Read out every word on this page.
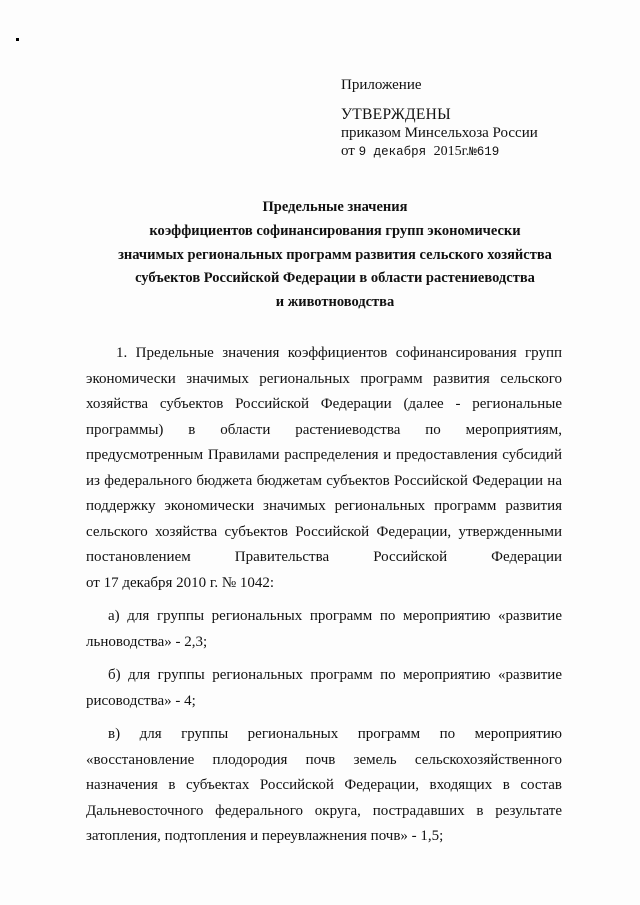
Приложение
УТВЕРЖДЕНЫ
приказом Минсельхоза России
от 9 декабря 2015г.№619
Предельные значения
коэффициентов софинансирования групп экономически
значимых региональных программ развития сельского хозяйства
субъектов Российской Федерации в области растениеводства
и животноводства

1. Предельные значения коэффициентов софинансирования групп экономически значимых региональных программ развития сельского хозяйства субъектов Российской Федерации (далее - региональные программы) в области растениеводства по мероприятиям, предусмотренным Правилами распределения и предоставления субсидий из федерального бюджета бюджетам субъектов Российской Федерации на поддержку экономически значимых региональных программ развития сельского хозяйства субъектов Российской Федерации, утвержденными постановлением Правительства Российской Федерации

от 17 декабря 2010 г. № 1042:

а) для группы региональных программ по мероприятию «развитие льноводства» - 2,3;

б) для группы региональных программ по мероприятию «развитие рисоводства» - 4;

в) для группы региональных программ по мероприятию «восстановление плодородия почв земель сельскохозяйственного назначения в субъектах Российской Федерации, входящих в состав Дальневосточного федерального округа, пострадавших в результате затопления, подтопления и переувлажнения почв» - 1,5;
